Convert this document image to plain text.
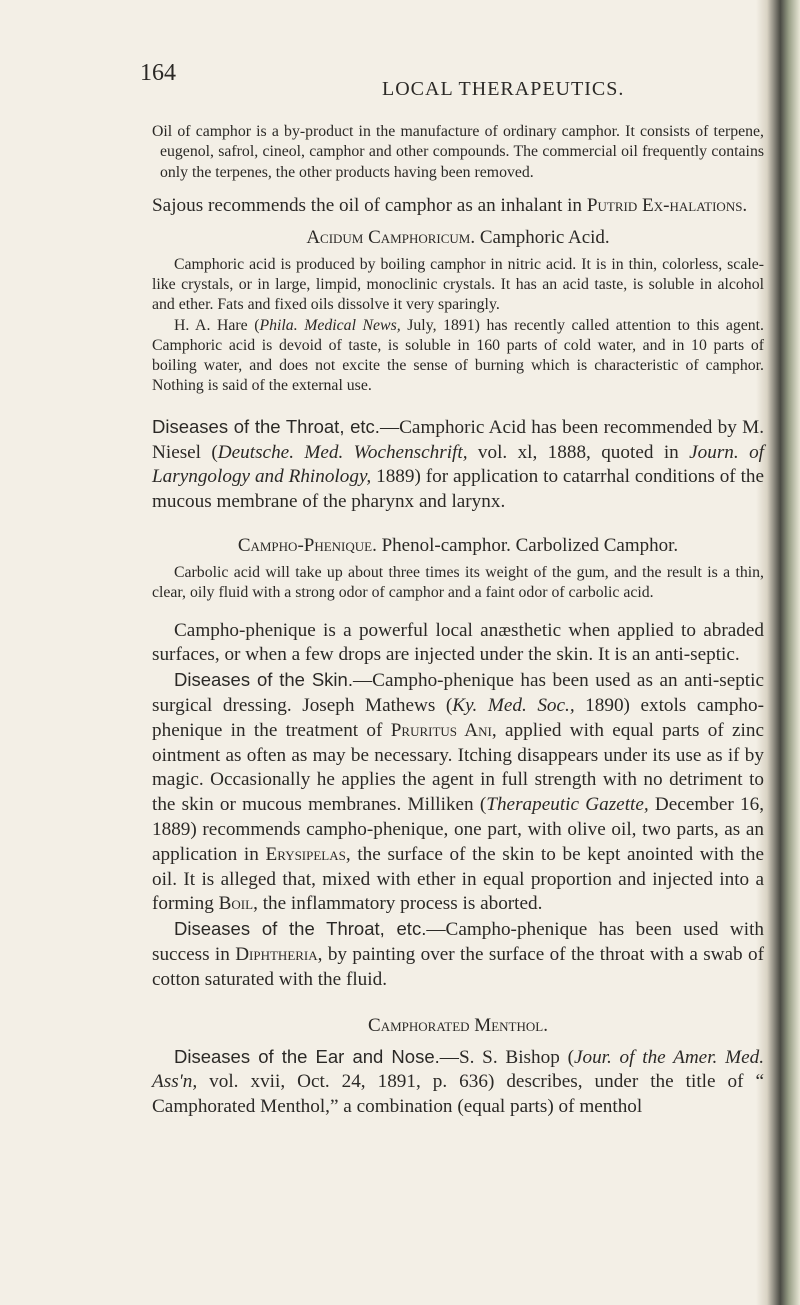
164
LOCAL THERAPEUTICS.

Oil of camphor is a by-product in the manufacture of ordinary camphor. It consists of terpene, eugenol, safrol, cineol, camphor and other compounds. The commercial oil frequently contains only the terpenes, the other products having been removed.

Sajous recommends the oil of camphor as an inhalant in Putrid Ex-halations.

Acidum Camphoricum. Camphoric Acid.

Camphoric acid is produced by boiling camphor in nitric acid. It is in thin, colorless, scale-like crystals, or in large, limpid, monoclinic crystals. It has an acid taste, is soluble in alcohol and ether. Fats and fixed oils dissolve it very sparingly.

H. A. Hare (Phila. Medical News, July, 1891) has recently called attention to this agent. Camphoric acid is devoid of taste, is soluble in 160 parts of cold water, and in 10 parts of boiling water, and does not excite the sense of burning which is characteristic of camphor. Nothing is said of the external use.

Diseases of the Throat, etc.—Camphoric Acid has been recommended by M. Niesel (Deutsche. Med. Wochenschrift, vol. xl, 1888, quoted in Journ. of Laryngology and Rhinology, 1889) for application to catarrhal conditions of the mucous membrane of the pharynx and larynx.

Campho-Phenique. Phenol-camphor. Carbolized Camphor.

Carbolic acid will take up about three times its weight of the gum, and the result is a thin, clear, oily fluid with a strong odor of camphor and a faint odor of carbolic acid.

Campho-phenique is a powerful local anæsthetic when applied to abraded surfaces, or when a few drops are injected under the skin. It is an anti-septic.

Diseases of the Skin.—Campho-phenique has been used as an anti-septic surgical dressing. Joseph Mathews (Ky. Med. Soc., 1890) extols campho-phenique in the treatment of Pruritus Ani, applied with equal parts of zinc ointment as often as may be necessary. Itching disappears under its use as if by magic. Occasionally he applies the agent in full strength with no detriment to the skin or mucous membranes. Milliken (Therapeutic Gazette, December 16, 1889) recommends campho-phenique, one part, with olive oil, two parts, as an application in Erysipelas, the surface of the skin to be kept anointed with the oil. It is alleged that, mixed with ether in equal proportion and injected into a forming Boil, the inflammatory process is aborted.

Diseases of the Throat, etc.—Campho-phenique has been used with success in Diphtheria, by painting over the surface of the throat with a swab of cotton saturated with the fluid.

Camphorated Menthol.

Diseases of the Ear and Nose.—S. S. Bishop (Jour. of the Amer. Med. Ass'n, vol. xvii, Oct. 24, 1891, p. 636) describes, under the title of “ Camphorated Menthol,” a combination (equal parts) of menthol
